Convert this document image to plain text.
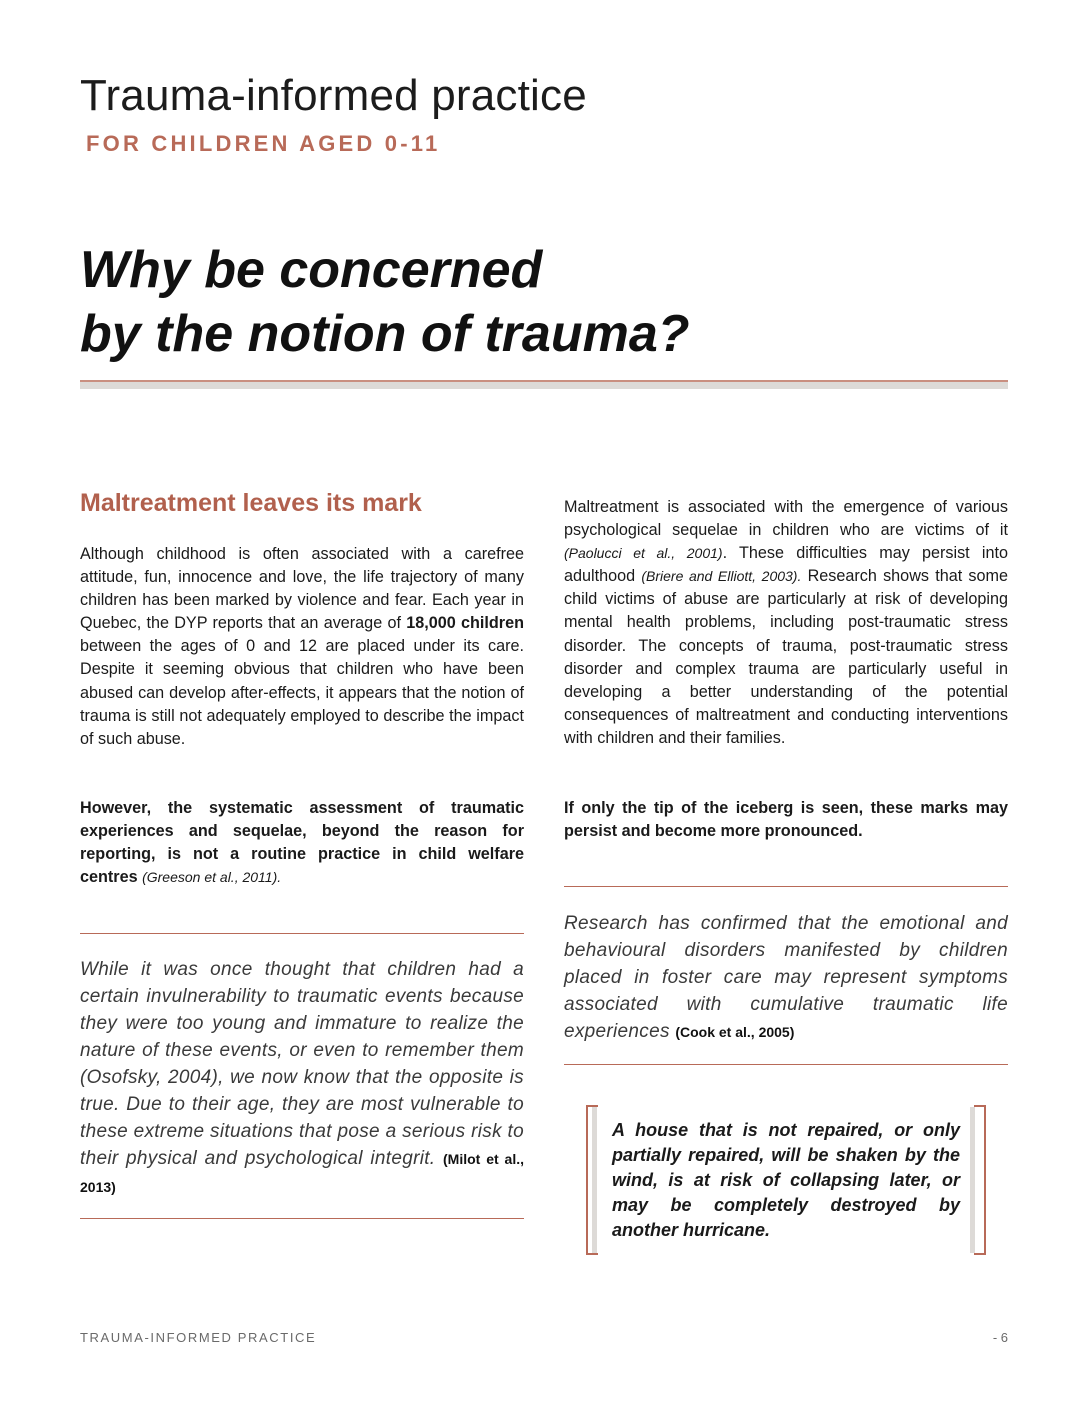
Trauma-informed practice
FOR CHILDREN AGED 0-11
Why be concerned
by the notion of trauma?
Maltreatment leaves its mark

Although childhood is often associated with a carefree attitude, fun, innocence and love, the life trajectory of many children has been marked by violence and fear. Each year in Quebec, the DYP reports that an average of 18,000 children between the ages of 0 and 12 are placed under its care. Despite it seeming obvious that children who have been abused can develop after-effects, it appears that the notion of trauma is still not adequately employed to describe the impact of such abuse.

However, the systematic assessment of traumatic experiences and sequelae, beyond the reason for reporting, is not a routine practice in child welfare centres (Greeson et al., 2011).

While it was once thought that children had a certain invulnerability to traumatic events because they were too young and immature to realize the nature of these events, or even to remember them (Osofsky, 2004), we now know that the opposite is true. Due to their age, they are most vulnerable to these extreme situations that pose a serious risk to their physical and psychological integrit. (Milot et al., 2013)

Maltreatment is associated with the emergence of various psychological sequelae in children who are victims of it (Paolucci et al., 2001). These difficulties may persist into adulthood (Briere and Elliott, 2003). Research shows that some child victims of abuse are particularly at risk of developing mental health problems, including post-traumatic stress disorder. The concepts of trauma, post-traumatic stress disorder and complex trauma are particularly useful in developing a better understanding of the potential consequences of maltreatment and conducting interventions with children and their families.

If only the tip of the iceberg is seen, these marks may persist and become more pronounced.

Research has confirmed that the emotional and behavioural disorders manifested by children placed in foster care may represent symptoms associated with cumulative traumatic life experiences (Cook et al., 2005)

A house that is not repaired, or only partially repaired, will be shaken by the wind, is at risk of collapsing later, or may be completely destroyed by another hurricane.

TRAUMA-INFORMED PRACTICE	- 6
